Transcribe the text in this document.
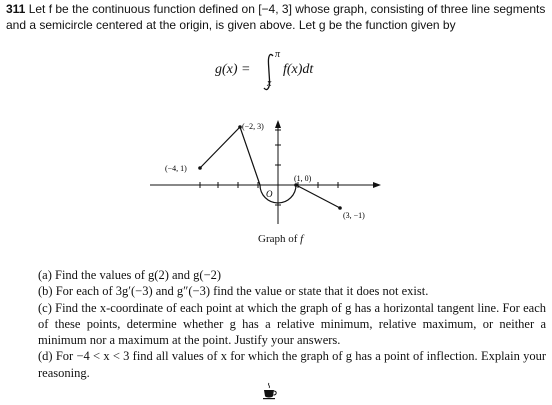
311 Let f be the continuous function defined on [−4, 3] whose graph, consisting of three line segments and a semicircle centered at the origin, is given above. Let g be the function given by
g(x) =
π
x
f(x)dt
(−2, 3)
(−4, 1)
(1, 0)
(3, −1)
O
Graph of f

(a) Find the values of g(2) and g(−2)

(b) For each of 3g′(−3) and g″(−3) find the value or state that it does not exist.

(c) Find the x-coordinate of each point at which the graph of g has a horizontal tangent line. For each of these points, determine whether g has a relative minimum, relative maximum, or neither a minimum nor a maximum at the point. Justify your answers.

(d) For −4 < x < 3 find all values of x for which the graph of g has a point of inflection. Explain your reasoning.
